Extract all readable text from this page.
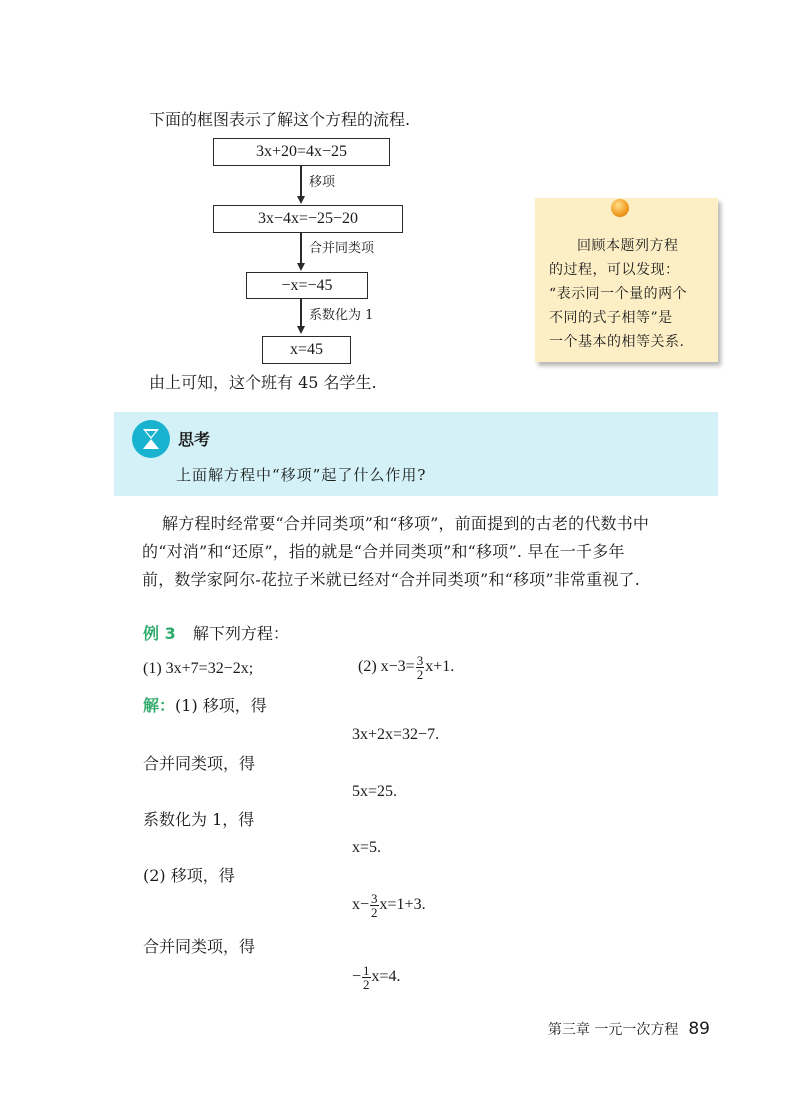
下面的框图表示了解这个方程的流程.
3x+20=4x−25
移项
3x−4x=−25−20
合并同类项
−x=−45
系数化为 1
x=45

回顾本题列方程

的过程，可以发现：

“表示同一个量的两个

不同的式子相等”是

一个基本的相等关系.

由上可知，这个班有 45 名学生.
思考
上面解方程中“移项”起了什么作用?
解方程时经常要“合并同类项”和“移项”，前面提到的古老的代数书中
的“对消”和“还原”，指的就是“合并同类项”和“移项”. 早在一千多年
前，数学家阿尔-花拉子米就已经对“合并同类项”和“移项”非常重视了.
例 3 解下列方程：
(1) 3x+7=32−2x;	(2) $x-3= \frac{3}{2} x+1$.
解：(1) 移项，得
3x+2x=32−7.
合并同类项，得
5x=25.
系数化为 1，得
x=5.
(2) 移项，得
$x- \frac{3}{2} x=1+3$.
合并同类项，得
− $\frac{1}{2} x=4$.
第三章 一元一次方程 89
